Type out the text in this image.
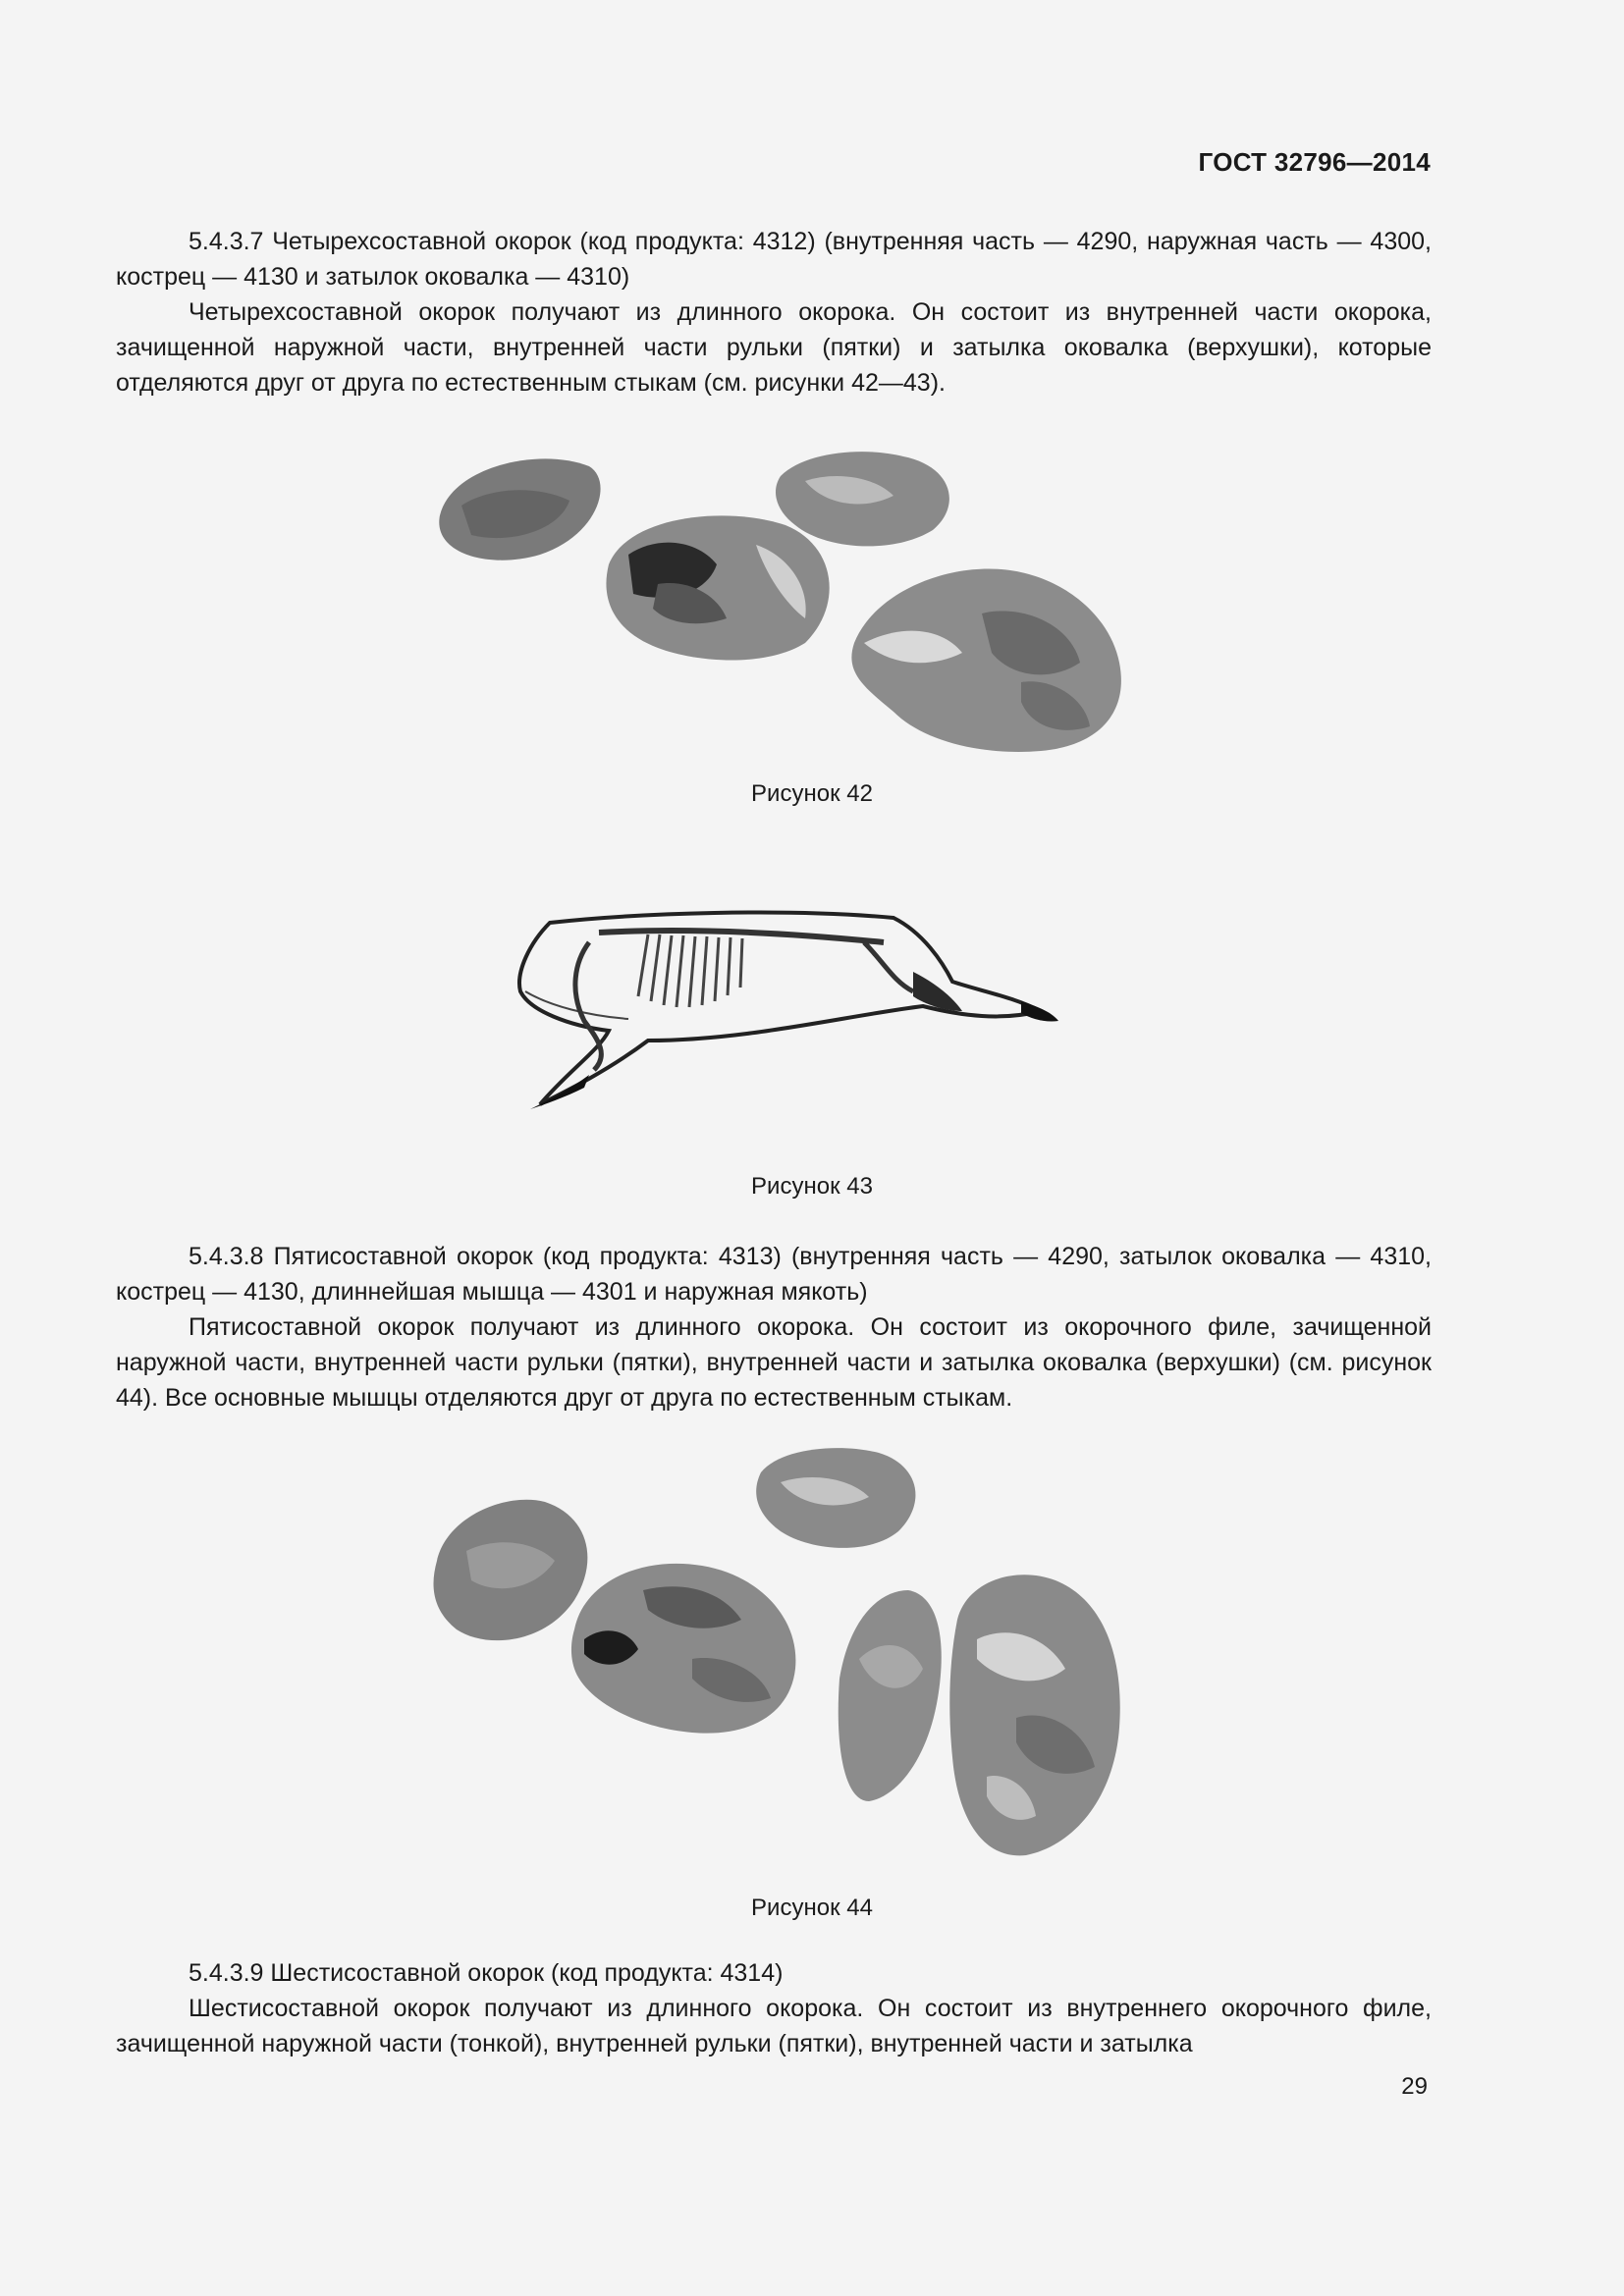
ГОСТ 32796—2014

5.4.3.7 Четырехсоставной окорок (код продукта: 4312) (внутренняя часть — 4290, наружная часть — 4300, кострец — 4130 и затылок оковалка — 4310)

Четырехсоставной окорок получают из длинного окорока. Он состоит из внутренней части окорока, зачищенной наружной части, внутренней части рульки (пятки) и затылка оковалка (верхушки), которые отделяются друг от друга по естественным стыкам (см. рисунки 42—43).

Рисунок 42
Рисунок 43

5.4.3.8 Пятисоставной окорок (код продукта: 4313) (внутренняя часть — 4290, затылок оковалка — 4310, кострец — 4130, длиннейшая мышца — 4301 и наружная мякоть)

Пятисоставной окорок получают из длинного окорока. Он состоит из окорочного филе, зачищенной наружной части, внутренней части рульки (пятки), внутренней части и затылка оковалка (верхушки) (см. рисунок 44). Все основные мышцы отделяются друг от друга по естественным стыкам.

Рисунок 44

5.4.3.9 Шестисоставной окорок (код продукта: 4314)

Шестисоставной окорок получают из длинного окорока. Он состоит из внутреннего окорочного филе, зачищенной наружной части (тонкой), внутренней рульки (пятки), внутренней части и затылка

29
